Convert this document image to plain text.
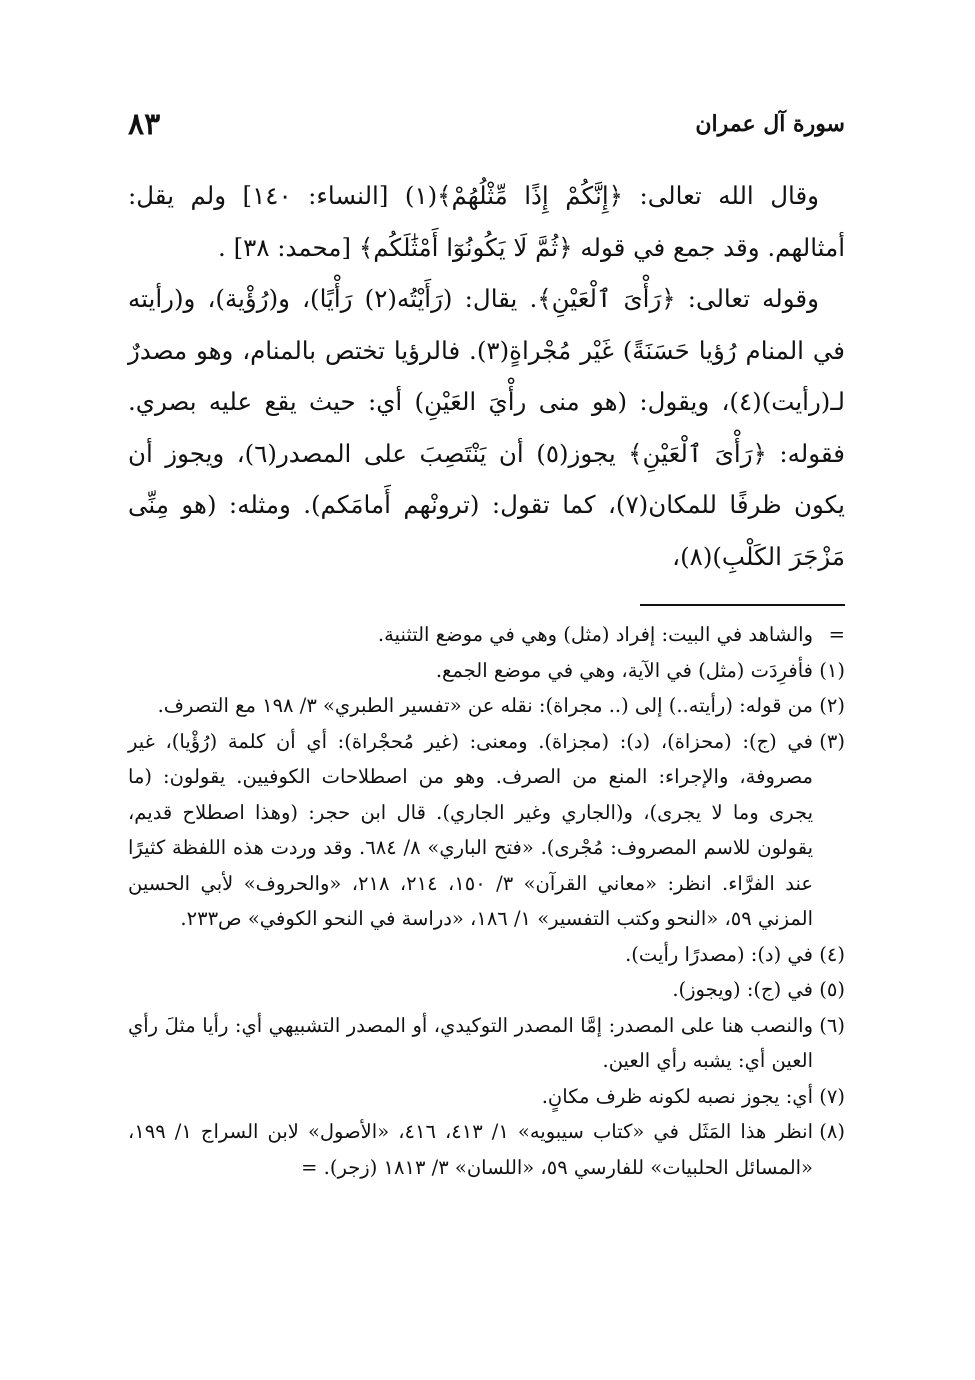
سورة آل عمران
٨٣

وقال الله تعالى: ﴿إِنَّكُمْ إِذًا مِّثْلُهُمْ﴾(١) [النساء: ١٤٠] ولم يقل: أمثالهم. وقد جمع في قوله ﴿ثُمَّ لَا يَكُونُوٓا أَمْثَٰلَكُم﴾ [محمد: ٣٨] .

وقوله تعالى: ﴿رَأْىَ ٱلْعَيْنِ﴾. يقال: (رَأَيْتُه(٢) رَأْيًا)، و(رُؤْية)، و(رأيته في المنام رُؤيا حَسَنَةً) غَيْر مُجْراةٍ(٣). فالرؤيا تختص بالمنام، وهو مصدرٌ لـ(رأيت)(٤)، ويقول: (هو منى رأْيَ العَيْنِ) أي: حيث يقع عليه بصري. فقوله: ﴿رَأْىَ ٱلْعَيْنِ﴾ يجوز(٥) أن يَنْتَصِبَ على المصدر(٦)، ويجوز أن يكون ظرفًا للمكان(٧)، كما تقول: (ترونْهم أَمامَكم). ومثله: (هو مِنِّى مَزْجَرَ الكَلْبِ)(٨)،

=
والشاهد في البيت: إفراد (مثل) وهي في موضع التثنية.
(١)
فأفرِدَت (مثل) في الآية، وهي في موضع الجمع.
(٢)
من قوله: (رأيته..) إلى (.. مجراة): نقله عن «تفسير الطبري» ٣/ ١٩٨ مع التصرف.
(٣)
في (ج): (محزاة)، (د): (مجزاة). ومعنى: (غير مُحجْراة): أي أن كلمة (رُؤْيا)، غير مصروفة، والإجراء: المنع من الصرف. وهو من اصطلاحات الكوفيين. يقولون: (ما يجرى وما لا يجرى)، و(الجاري وغير الجاري). قال ابن حجر: (وهذا اصطلاح قديم، يقولون للاسم المصروف: مُجْرى). «فتح الباري» ٨/ ٦٨٤. وقد وردت هذه اللفظة كثيرًا عند الفرَّاء. انظر: «معاني القرآن» ٣/ ١٥٠، ٢١٤، ٢١٨، «والحروف» لأبي الحسين المزني ٥٩، «النحو وكتب التفسير» ١/ ١٨٦، «دراسة في النحو الكوفي» ص٢٣٣.
(٤)
في (د): (مصدرًا رأيت).
(٥)
في (ج): (ويجوز).
(٦)
والنصب هنا على المصدر: إمَّا المصدر التوكيدي، أو المصدر التشبيهي أي: رأيا مثلَ رأي العين أي: يشبه رأي العين.
(٧)
أي: يجوز نصبه لكونه ظرف مكانٍ.
(٨)
انظر هذا المَثَل في «كتاب سيبويه» ١/ ٤١٣، ٤١٦، «الأصول» لابن السراج ١/ ١٩٩، «المسائل الحلبيات» للفارسي ٥٩، «اللسان» ٣/ ١٨١٣ (زجر). =
